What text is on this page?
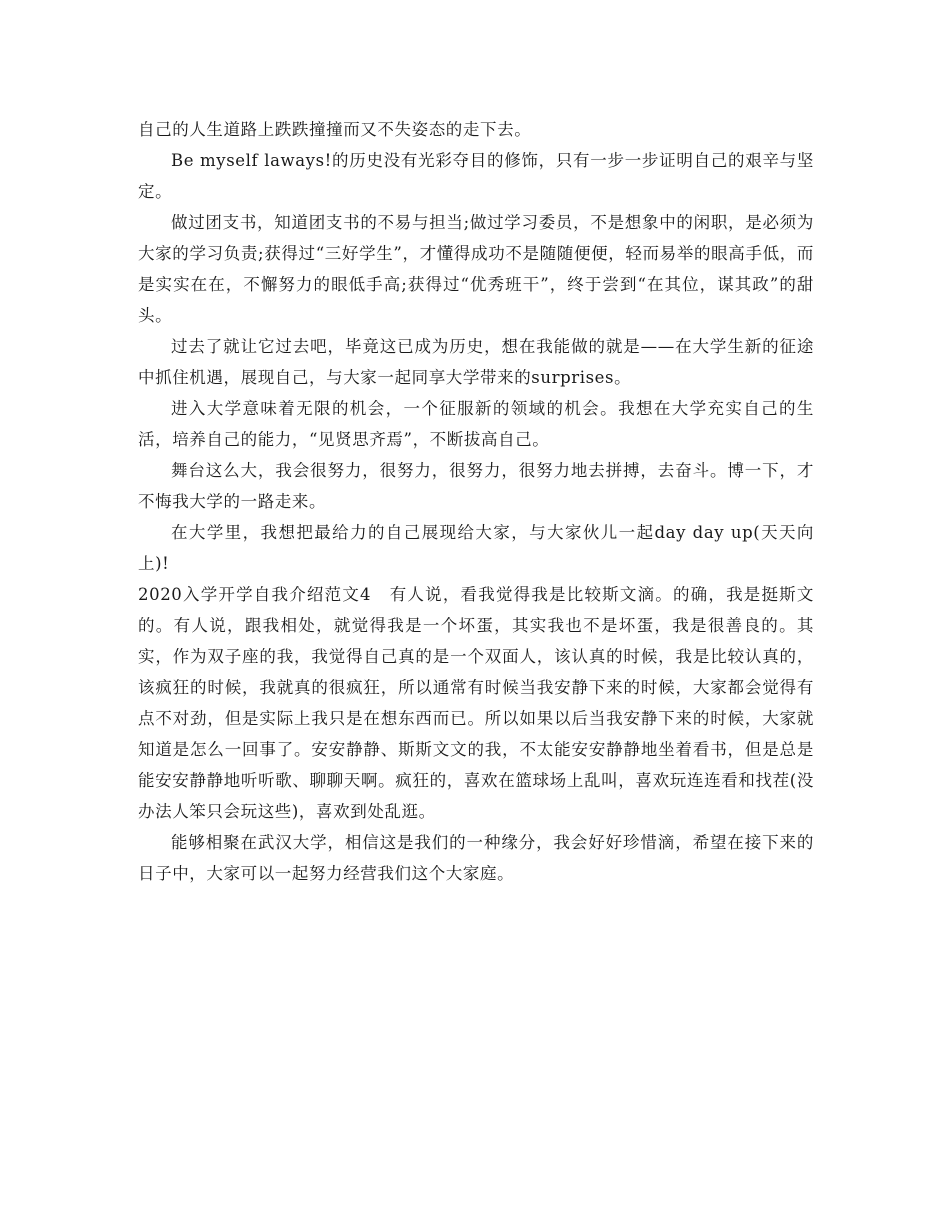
自己的人生道路上跌跌撞撞而又不失姿态的走下去。

Be myself laways!的历史没有光彩夺目的修饰，只有一步一步证明自己的艰辛与坚定。

做过团支书，知道团支书的不易与担当;做过学习委员，不是想象中的闲职，是必须为大家的学习负责;获得过“三好学生”，才懂得成功不是随随便便，轻而易举的眼高手低，而是实实在在，不懈努力的眼低手高;获得过“优秀班干”，终于尝到“在其位，谋其政”的甜头。

过去了就让它过去吧，毕竟这已成为历史，想在我能做的就是——在大学生新的征途中抓住机遇，展现自己，与大家一起同享大学带来的surprises。

进入大学意味着无限的机会，一个征服新的领域的机会。我想在大学充实自己的生活，培养自己的能力，“见贤思齐焉”，不断拔高自己。

舞台这么大，我会很努力，很努力，很努力，很努力地去拼搏，去奋斗。博一下，才不悔我大学的一路走来。

在大学里，我想把最给力的自己展现给大家，与大家伙儿一起day day up(天天向上)!

2020入学开学自我介绍范文4 有人说，看我觉得我是比较斯文滴。的确，我是挺斯文的。有人说，跟我相处，就觉得我是一个坏蛋，其实我也不是坏蛋，我是很善良的。其实，作为双子座的我，我觉得自己真的是一个双面人，该认真的时候，我是比较认真的，该疯狂的时候，我就真的很疯狂，所以通常有时候当我安静下来的时候，大家都会觉得有点不对劲，但是实际上我只是在想东西而已。所以如果以后当我安静下来的时候，大家就知道是怎么一回事了。安安静静、斯斯文文的我，不太能安安静静地坐着看书，但是总是能安安静静地听听歌、聊聊天啊。疯狂的，喜欢在篮球场上乱叫，喜欢玩连连看和找茬(没办法人笨只会玩这些)，喜欢到处乱逛。

能够相聚在武汉大学，相信这是我们的一种缘分，我会好好珍惜滴，希望在接下来的日子中，大家可以一起努力经营我们这个大家庭。
